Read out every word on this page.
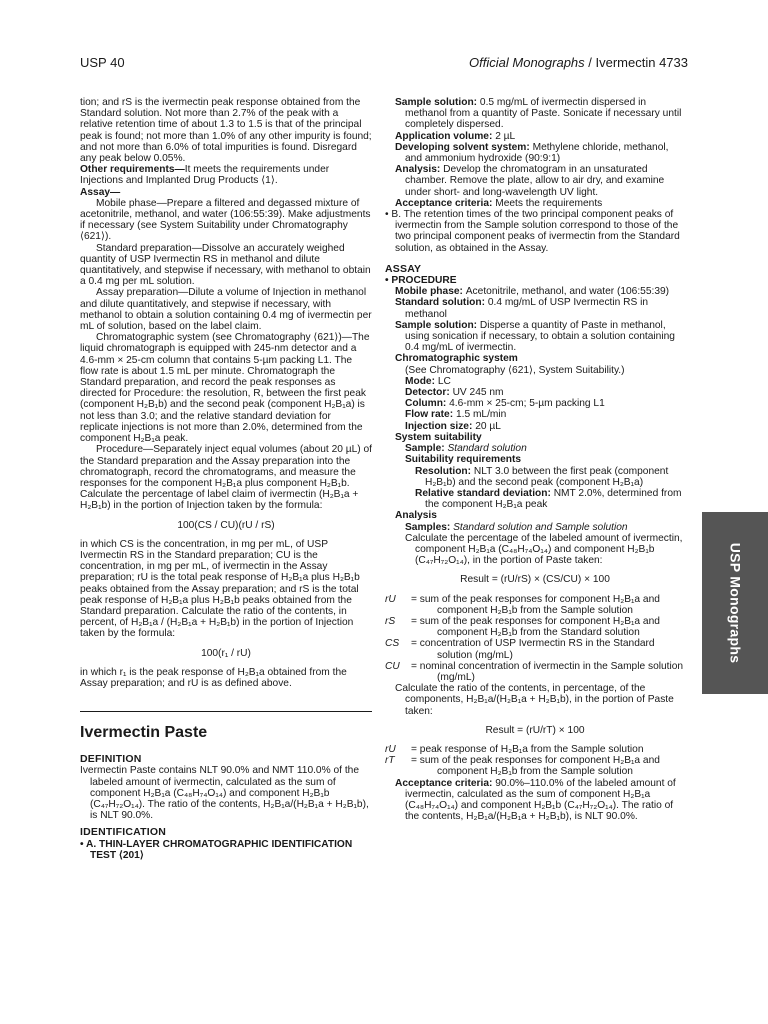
USP 40	Official Monographs / Ivermectin 4733

tion; and rS is the ivermectin peak response obtained from the Standard solution. Not more than 2.7% of the peak with a relative retention time of about 1.3 to 1.5 is that of the principal peak is found; not more than 1.0% of any other impurity is found; and not more than 6.0% of total impurities is found. Disregard any peak below 0.05%.

Other requirements—It meets the requirements under Injections and Implanted Drug Products ⟨1⟩.

Assay—

Mobile phase—Prepare a filtered and degassed mixture of acetonitrile, methanol, and water (106:55:39). Make adjustments if necessary (see System Suitability under Chromatography ⟨621⟩).

Standard preparation—Dissolve an accurately weighed quantity of USP Ivermectin RS in methanol and dilute quantitatively, and stepwise if necessary, with methanol to obtain a 0.4 mg per mL solution.

Assay preparation—Dilute a volume of Injection in methanol and dilute quantitatively, and stepwise if necessary, with methanol to obtain a solution containing 0.4 mg of ivermectin per mL of solution, based on the label claim.

Chromatographic system (see Chromatography ⟨621⟩)—The liquid chromatograph is equipped with 245-nm detector and a 4.6-mm × 25-cm column that contains 5-µm packing L1. The flow rate is about 1.5 mL per minute. Chromatograph the Standard preparation, and record the peak responses as directed for Procedure: the resolution, R, between the first peak (component H₂B₁b) and the second peak (component H₂B₁a) is not less than 3.0; and the relative standard deviation for replicate injections is not more than 2.0%, determined from the component H₂B₁a peak.

Procedure—Separately inject equal volumes (about 20 µL) of the Standard preparation and the Assay preparation into the chromatograph, record the chromatograms, and measure the responses for the component H₂B₁a plus component H₂B₁b. Calculate the percentage of label claim of ivermectin (H₂B₁a + H₂B₁b) in the portion of Injection taken by the formula:

100(CS / CU)(rU / rS)

in which CS is the concentration, in mg per mL, of USP Ivermectin RS in the Standard preparation; CU is the concentration, in mg per mL, of ivermectin in the Assay preparation; rU is the total peak response of H₂B₁a plus H₂B₁b peaks obtained from the Assay preparation; and rS is the total peak response of H₂B₁a plus H₂B₁b peaks obtained from the Standard preparation. Calculate the ratio of the contents, in percent, of H₂B₁a / (H₂B₁a + H₂B₁b) in the portion of Injection taken by the formula:

100(r₁ / rU)

in which r₁ is the peak response of H₂B₁a obtained from the Assay preparation; and rU is as defined above.

Ivermectin Paste

DEFINITION

Ivermectin Paste contains NLT 90.0% and NMT 110.0% of the labeled amount of ivermectin, calculated as the sum of component H₂B₁a (C₄₈H₇₄O₁₄) and component H₂B₁b (C₄₇H₇₂O₁₄). The ratio of the contents, H₂B₁a/(H₂B₁a + H₂B₁b), is NLT 90.0%.

IDENTIFICATION

• A. THIN-LAYER CHROMATOGRAPHIC IDENTIFICATION TEST ⟨201⟩

Sample solution: 0.5 mg/mL of ivermectin dispersed in methanol from a quantity of Paste. Sonicate if necessary until completely dispersed.

Application volume: 2 µL

Developing solvent system: Methylene chloride, methanol, and ammonium hydroxide (90:9:1)

Analysis: Develop the chromatogram in an unsaturated chamber. Remove the plate, allow to air dry, and examine under short- and long-wavelength UV light.

Acceptance criteria: Meets the requirements

• B. The retention times of the two principal component peaks of ivermectin from the Sample solution correspond to those of the two principal component peaks of ivermectin from the Standard solution, as obtained in the Assay.

ASSAY

• PROCEDURE

Mobile phase: Acetonitrile, methanol, and water (106:55:39)

Standard solution: 0.4 mg/mL of USP Ivermectin RS in methanol

Sample solution: Disperse a quantity of Paste in methanol, using sonication if necessary, to obtain a solution containing 0.4 mg/mL of ivermectin.

Chromatographic system

(See Chromatography ⟨621⟩, System Suitability.)

Mode: LC

Detector: UV 245 nm

Column: 4.6-mm × 25-cm; 5-µm packing L1

Flow rate: 1.5 mL/min

Injection size: 20 µL

System suitability

Sample: Standard solution

Suitability requirements

Resolution: NLT 3.0 between the first peak (component H₂B₁b) and the second peak (component H₂B₁a)

Relative standard deviation: NMT 2.0%, determined from the component H₂B₁a peak

Analysis

Samples: Standard solution and Sample solution

Calculate the percentage of the labeled amount of ivermectin, component H₂B₁a (C₄₈H₇₄O₁₄) and component H₂B₁b (C₄₇H₇₂O₁₄), in the portion of Paste taken:

Result = (rU/rS) × (CS/CU) × 100

rU	= sum of the peak responses for component H₂B₁a and component H₂B₁b from the Sample solution
rS	= sum of the peak responses for component H₂B₁a and component H₂B₁b from the Standard solution
CS	= concentration of USP Ivermectin RS in the Standard solution (mg/mL)
CU	= nominal concentration of ivermectin in the Sample solution (mg/mL)

Calculate the ratio of the contents, in percentage, of the components, H₂B₁a/(H₂B₁a + H₂B₁b), in the portion of Paste taken:

Result = (rU/rT) × 100

rU	= peak response of H₂B₁a from the Sample solution
rT	= sum of the peak responses for component H₂B₁a and component H₂B₁b from the Sample solution

Acceptance criteria: 90.0%–110.0% of the labeled amount of ivermectin, calculated as the sum of component H₂B₁a (C₄₈H₇₄O₁₄) and component H₂B₁b (C₄₇H₇₂O₁₄). The ratio of the contents, H₂B₁a/(H₂B₁a + H₂B₁b), is NLT 90.0%.

USP Monographs
